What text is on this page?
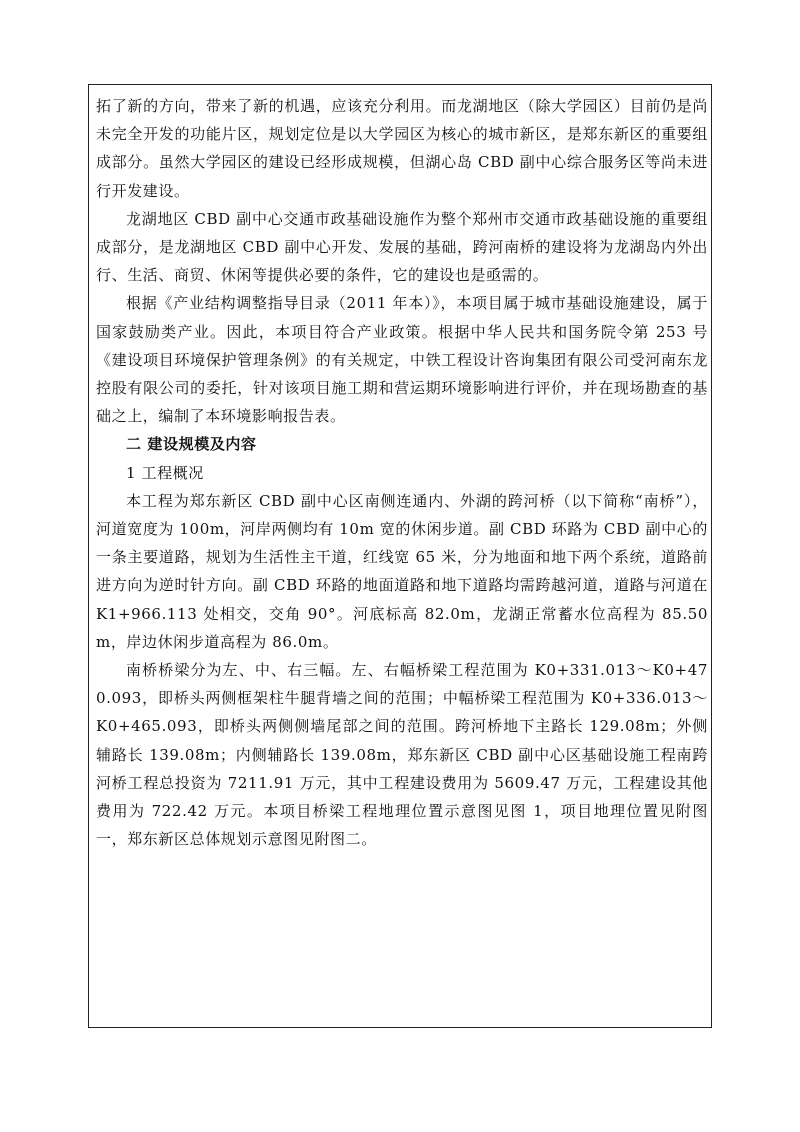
拓了新的方向，带来了新的机遇，应该充分利用。而龙湖地区（除大学园区）目前仍是尚未完全开发的功能片区，规划定位是以大学园区为核心的城市新区，是郑东新区的重要组成部分。虽然大学园区的建设已经形成规模，但湖心岛 CBD 副中心综合服务区等尚未进行开发建设。

龙湖地区 CBD 副中心交通市政基础设施作为整个郑州市交通市政基础设施的重要组成部分，是龙湖地区 CBD 副中心开发、发展的基础，跨河南桥的建设将为龙湖岛内外出行、生活、商贸、休闲等提供必要的条件，它的建设也是亟需的。

根据《产业结构调整指导目录（2011 年本）》，本项目属于城市基础设施建设，属于国家鼓励类产业。因此，本项目符合产业政策。根据中华人民共和国务院令第 253 号《建设项目环境保护管理条例》的有关规定，中铁工程设计咨询集团有限公司受河南东龙控股有限公司的委托，针对该项目施工期和营运期环境影响进行评价，并在现场勘查的基础之上，编制了本环境影响报告表。

二 建设规模及内容

1 工程概况

本工程为郑东新区 CBD 副中心区南侧连通内、外湖的跨河桥（以下简称“南桥”），河道宽度为 100m，河岸两侧均有 10m 宽的休闲步道。副 CBD 环路为 CBD 副中心的一条主要道路，规划为生活性主干道，红线宽 65 米，分为地面和地下两个系统，道路前进方向为逆时针方向。副 CBD 环路的地面道路和地下道路均需跨越河道，道路与河道在 K1+966.113 处相交，交角 90°。河底标高 82.0m，龙湖正常蓄水位高程为 85.50m，岸边休闲步道高程为 86.0m。

南桥桥梁分为左、中、右三幅。左、右幅桥梁工程范围为 K0+331.013～K0+470.093，即桥头两侧框架柱牛腿背墙之间的范围；中幅桥梁工程范围为 K0+336.013～K0+465.093，即桥头两侧侧墙尾部之间的范围。跨河桥地下主路长 129.08m；外侧辅路长 139.08m；内侧辅路长 139.08m，郑东新区 CBD 副中心区基础设施工程南跨河桥工程总投资为 7211.91 万元，其中工程建设费用为 5609.47 万元，工程建设其他费用为 722.42 万元。本项目桥梁工程地理位置示意图见图 1，项目地理位置见附图一，郑东新区总体规划示意图见附图二。
